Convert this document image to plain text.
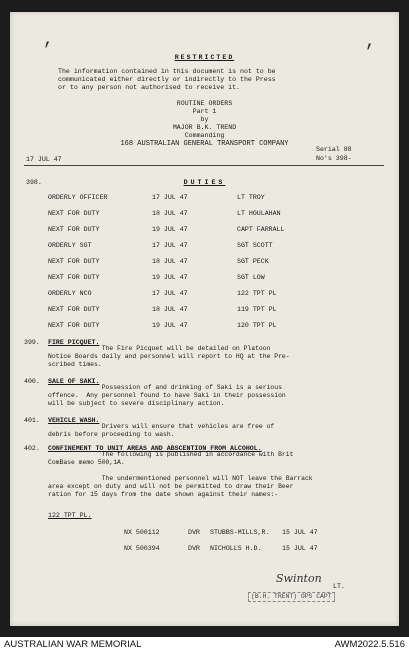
,	,
RESTRICTED
The information contained in this document is not to be
communicated either directly or indirectly to the Press
or to any person not authorised to receive it.
ROUTINE ORDERS
Part 1
by
MAJOR B.K. TREND
Commanding
168 AUSTRALIAN GENERAL TRANSPORT COMPANY
Serial 88
No's 398-
17 JUL 47
398.	DUTIES
ORDERLY OFFICER	17 JUL 47	LT TROY
NEXT FOR DUTY	18 JUL 47	LT HOULAHAN
NEXT FOR DUTY	19 JUL 47	CAPT FARRALL
ORDERLY SGT	17 JUL 47	SGT SCOTT
NEXT FOR DUTY	18 JUL 47	SGT PECK
NEXT FOR DUTY	19 JUL 47	SGT LOW
ORDERLY NCO	17 JUL 47	122 TPT PL
NEXT FOR DUTY	18 JUL 47	119 TPT PL
NEXT FOR DUTY	19 JUL 47	120 TPT PL
399. FIRE PICQUET.
The Fire Picquet will be detailed on Platoon
Notice Boards daily and personnel will report to HQ at the Pre-
scribed times.
400. SALE OF SAKI.
Possession of and drinking of Saki is a serious
offence.  Any personnel found to have Saki in their possession
will be subject to severe disciplinary action.
401. VEHICLE WASH.
Drivers will ensure that vehicles are free of
debris before proceeding to wash.
402. CONFINEMENT TO UNIT AREAS AND ABSCENTION FROM ALCOHOL.
The following is published in accordance with Brit
ComBase memo 500,1A.

The undermentioned personnel will NOT leave the Barrack
area except on duty and will not be permitted to draw their Beer
ration for 15 days from the date shown against their names:-
122 TPT PL.
NX 500112	DVR STUBBS-MILLS,R. 15 JUL 47
NX 500394	DVR NICHOLLS H.D.	15 JUL 47
Swinton
LT.
(B.H. TRENT) OPS CAPT
AUSTRALIAN WAR MEMORIAL	AWM2022.5.516
